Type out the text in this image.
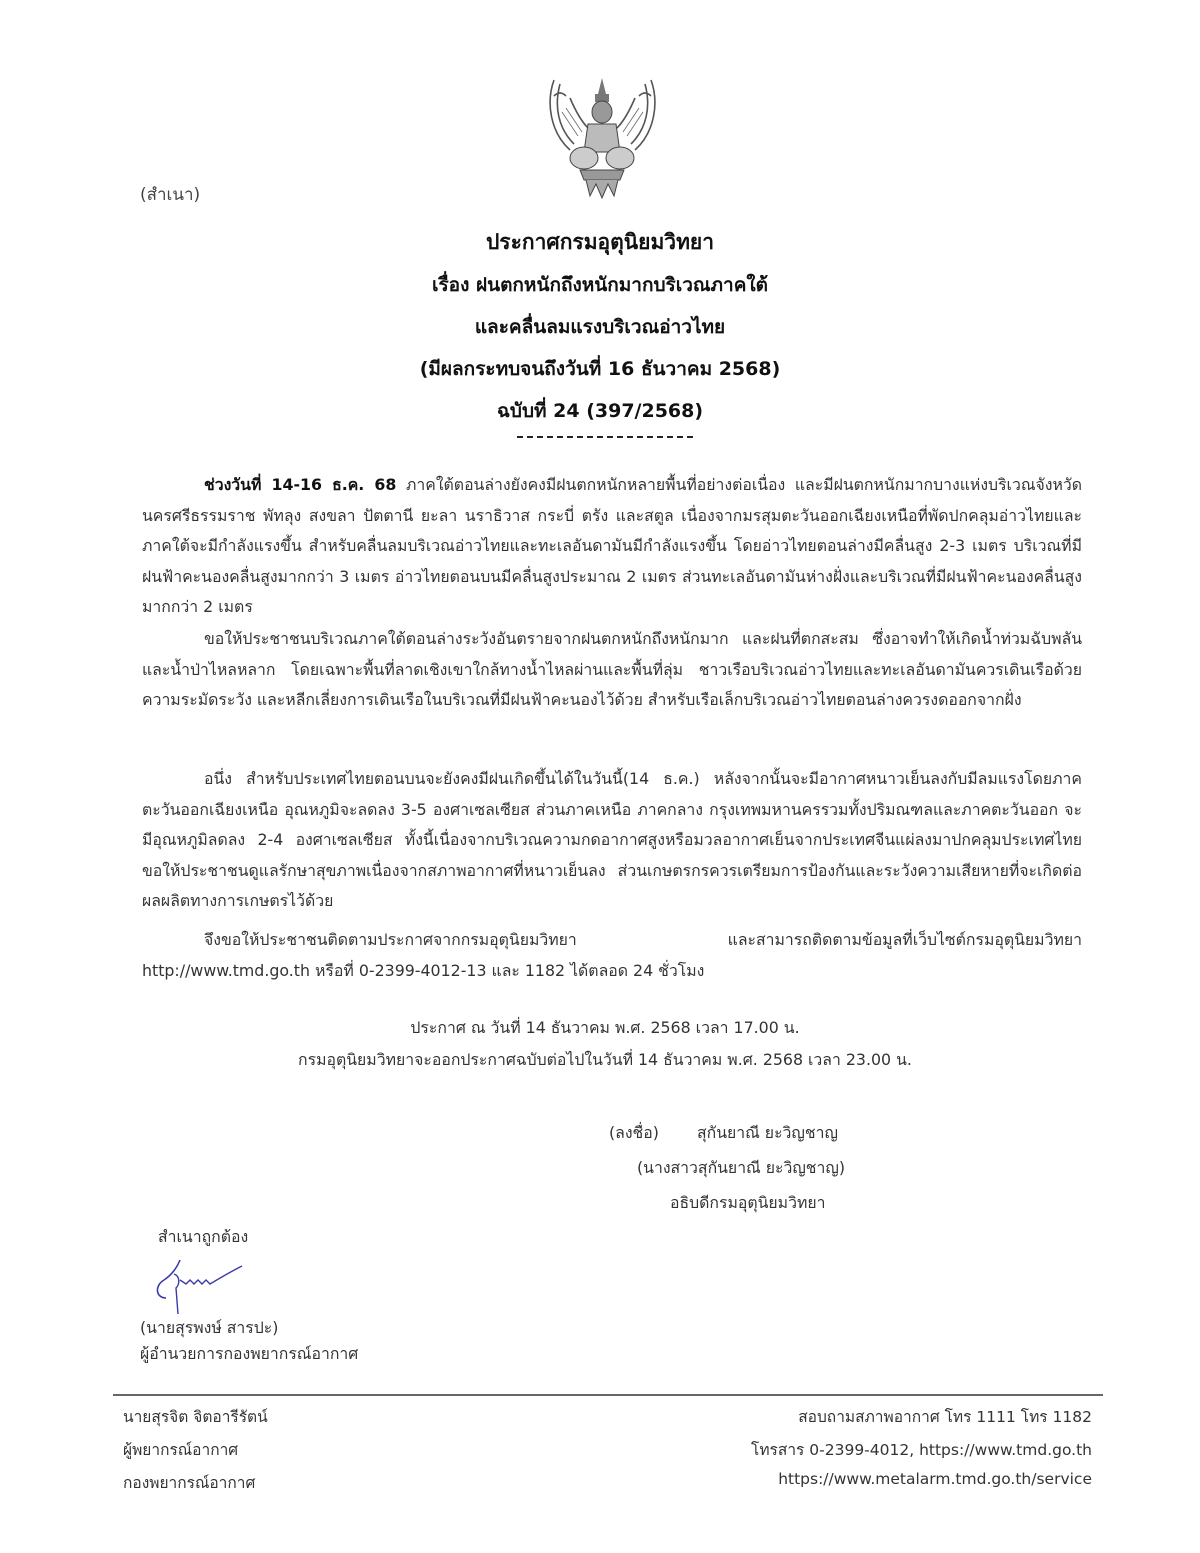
(สำเนา)
ประกาศกรมอุตุนิยมวิทยา
เรื่อง ฝนตกหนักถึงหนักมากบริเวณภาคใต้
และคลื่นลมแรงบริเวณอ่าวไทย
(มีผลกระทบจนถึงวันที่ 16 ธันวาคม 2568)
ฉบับที่ 24 (397/2568)
ช่วงวันที่ 14-16 ธ.ค. 68 ภาคใต้ตอนล่างยังคงมีฝนตกหนักหลายพื้นที่อย่างต่อเนื่อง และมีฝนตกหนักมากบางแห่งบริเวณจังหวัดนครศรีธรรมราช พัทลุง สงขลา ปัตตานี ยะลา นราธิวาส กระบี่ ตรัง และสตูล เนื่องจากมรสุมตะวันออกเฉียงเหนือที่พัดปกคลุมอ่าวไทยและภาคใต้จะมีกำลังแรงขึ้น สำหรับคลื่นลมบริเวณอ่าวไทยและทะเลอันดามันมีกำลังแรงขึ้น โดยอ่าวไทยตอนล่างมีคลื่นสูง 2-3 เมตร บริเวณที่มีฝนฟ้าคะนองคลื่นสูงมากกว่า 3 เมตร อ่าวไทยตอนบนมีคลื่นสูงประมาณ 2 เมตร ส่วนทะเลอันดามันห่างฝั่งและบริเวณที่มีฝนฟ้าคะนองคลื่นสูงมากกว่า 2 เมตร
ขอให้ประชาชนบริเวณภาคใต้ตอนล่างระวังอันตรายจากฝนตกหนักถึงหนักมาก และฝนที่ตกสะสม ซึ่งอาจทำให้เกิดน้ำท่วมฉับพลันและน้ำป่าไหลหลาก โดยเฉพาะพื้นที่ลาดเชิงเขาใกล้ทางน้ำไหลผ่านและพื้นที่ลุ่ม ชาวเรือบริเวณอ่าวไทยและทะเลอันดามันควรเดินเรือด้วยความระมัดระวัง และหลีกเลี่ยงการเดินเรือในบริเวณที่มีฝนฟ้าคะนองไว้ด้วย สำหรับเรือเล็กบริเวณอ่าวไทยตอนล่างควรงดออกจากฝั่ง
อนึ่ง สำหรับประเทศไทยตอนบนจะยังคงมีฝนเกิดขึ้นได้ในวันนี้(14 ธ.ค.) หลังจากนั้นจะมีอากาศหนาวเย็นลงกับมีลมแรงโดยภาคตะวันออกเฉียงเหนือ อุณหภูมิจะลดลง 3-5 องศาเซลเซียส ส่วนภาคเหนือ ภาคกลาง กรุงเทพมหานครรวมทั้งปริมณฑลและภาคตะวันออก จะมีอุณหภูมิลดลง 2-4 องศาเซลเซียส ทั้งนี้เนื่องจากบริเวณความกดอากาศสูงหรือมวลอากาศเย็นจากประเทศจีนแผ่ลงมาปกคลุมประเทศไทย ขอให้ประชาชนดูแลรักษาสุขภาพเนื่องจากสภาพอากาศที่หนาวเย็นลง ส่วนเกษตรกรควรเตรียมการป้องกันและระวังความเสียหายที่จะเกิดต่อผลผลิตทางการเกษตรไว้ด้วย
จึงขอให้ประชาชนติดตามประกาศจากกรมอุตุนิยมวิทยา และสามารถติดตามข้อมูลที่เว็บไซต์กรมอุตุนิยมวิทยา http://www.tmd.go.th หรือที่ 0-2399-4012-13 และ 1182 ได้ตลอด 24 ชั่วโมง
ประกาศ ณ วันที่ 14 ธันวาคม พ.ศ. 2568 เวลา 17.00 น.
กรมอุตุนิยมวิทยาจะออกประกาศฉบับต่อไปในวันที่ 14 ธันวาคม พ.ศ. 2568 เวลา 23.00 น.
(ลงชื่อ) สุกันยาณี ยะวิญชาญ
(นางสาวสุกันยาณี ยะวิญชาญ)
อธิบดีกรมอุตุนิยมวิทยา
สำเนาถูกต้อง
(นายสุรพงษ์ สารปะ)
ผู้อำนวยการกองพยากรณ์อากาศ
นายสุรจิต จิตอารีรัตน์
ผู้พยากรณ์อากาศ
กองพยากรณ์อากาศ
สอบถามสภาพอากาศ โทร 1111 โทร 1182
โทรสาร 0-2399-4012, https://www.tmd.go.th
https://www.metalarm.tmd.go.th/service
